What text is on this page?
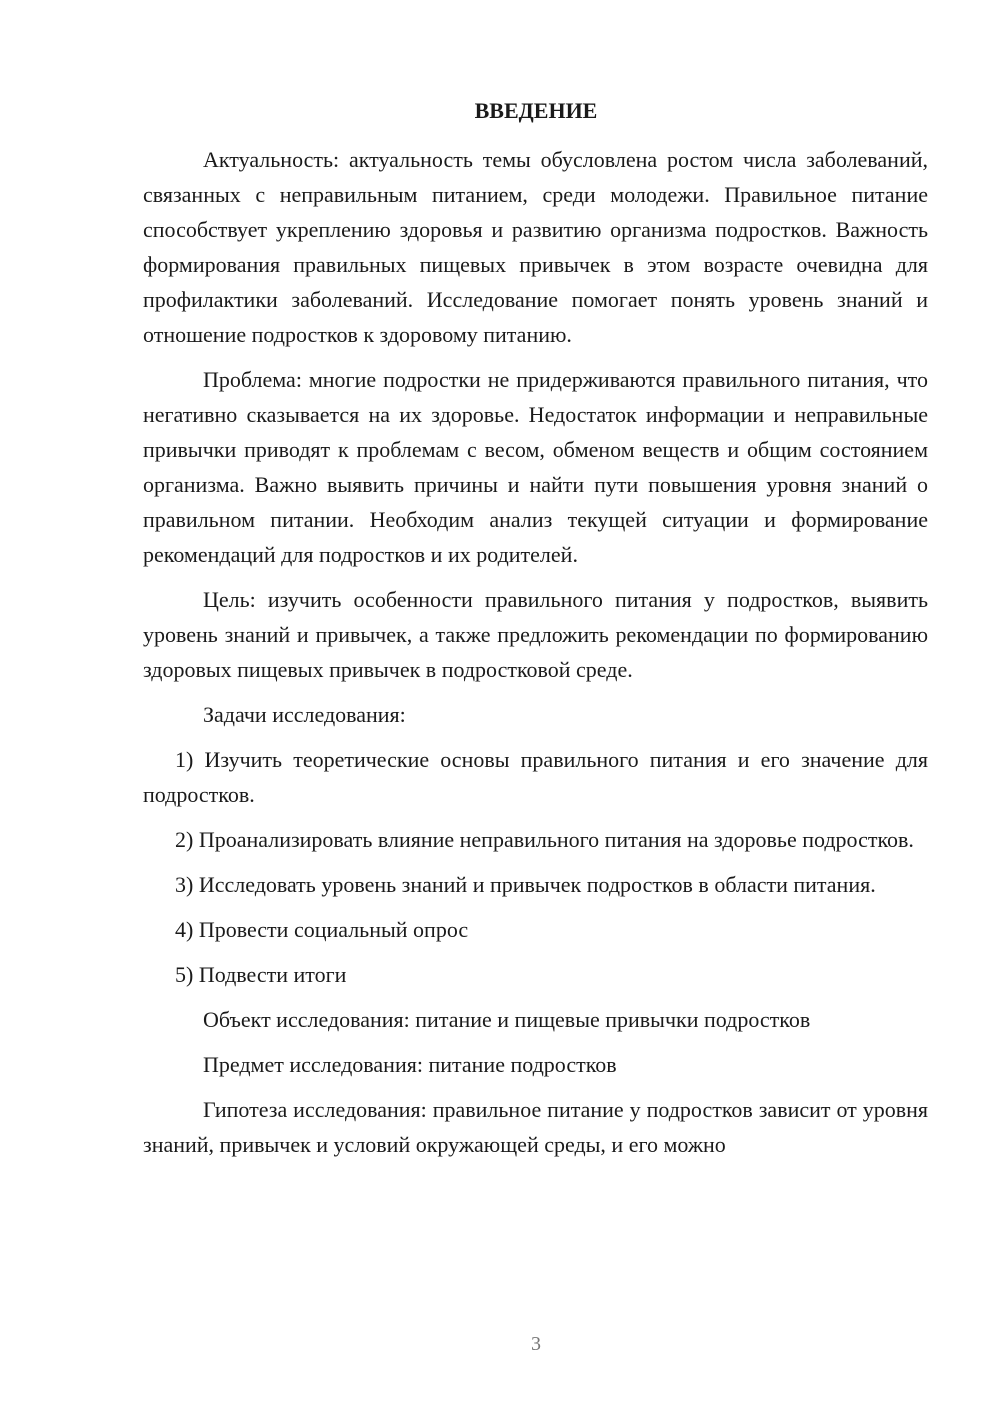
ВВЕДЕНИЕ

Актуальность: актуальность темы обусловлена ростом числа заболеваний, связанных с неправильным питанием, среди молодежи. Правильное питание способствует укреплению здоровья и развитию организма подростков. Важность формирования правильных пищевых привычек в этом возрасте очевидна для профилактики заболеваний. Исследование помогает понять уровень знаний и отношение подростков к здоровому питанию.

Проблема: многие подростки не придерживаются правильного питания, что негативно сказывается на их здоровье. Недостаток информации и неправильные привычки приводят к проблемам с весом, обменом веществ и общим состоянием организма. Важно выявить причины и найти пути повышения уровня знаний о правильном питании. Необходим анализ текущей ситуации и формирование рекомендаций для подростков и их родителей.

Цель: изучить особенности правильного питания у подростков, выявить уровень знаний и привычек, а также предложить рекомендации по формированию здоровых пищевых привычек в подростковой среде.

Задачи исследования:

1) Изучить теоретические основы правильного питания и его значение для подростков.

2) Проанализировать влияние неправильного питания на здоровье подростков.

3) Исследовать уровень знаний и привычек подростков в области питания.

4) Провести социальный опрос

5) Подвести итоги

Объект исследования: питание и пищевые привычки подростков

Предмет исследования: питание подростков

Гипотеза исследования: правильное питание у подростков зависит от уровня знаний, привычек и условий окружающей среды, и его можно

3
